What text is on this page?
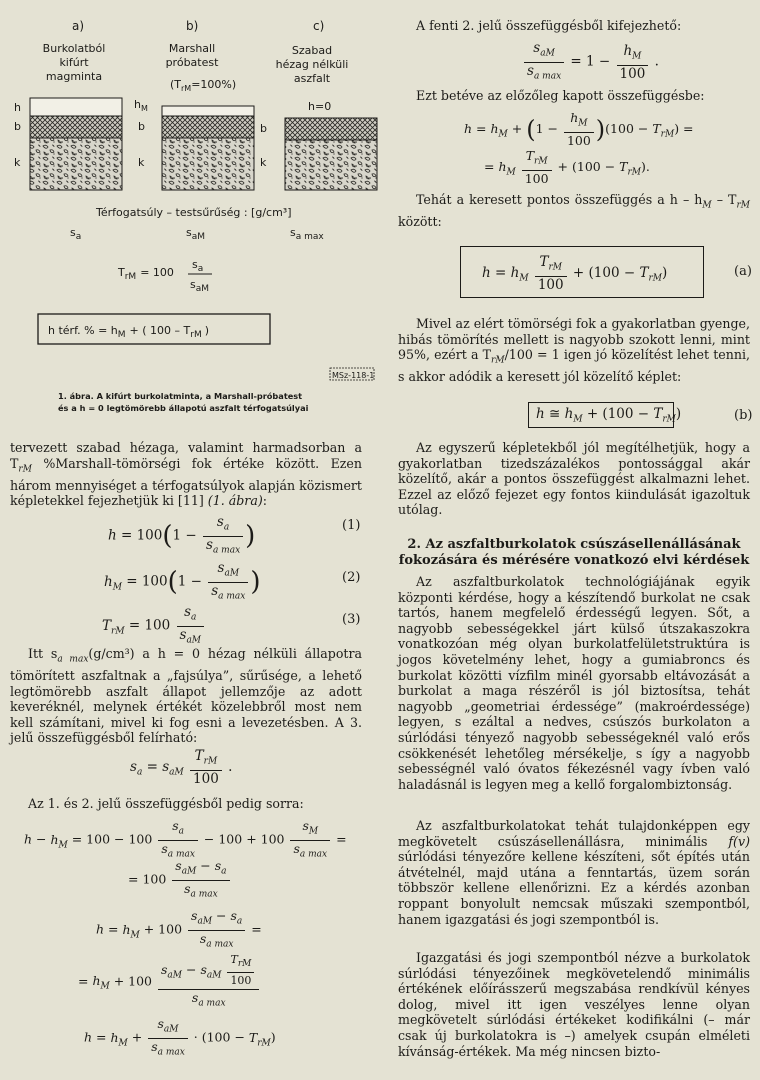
a)	b)	c)
Burkolatból
kifúrt
magminta
Marshall
próbatest
$(T_{rM}=100\%)$
Szabad
hézag nélküli
aszfalt
h
b
k
$h_M$
b
k
h=0
b
k
Térfogatsúly – testsűrűség : [g/cm³]
$s_a$	$s_{aM}$	$s_{a max}$
$T_{rM} = 100$
$s_a$
$s_{aM}$
h térf. % = $h_M$ + ( $100 - T_{rM}$ )
MSz-118-1
1. ábra. A kifúrt burkolatminta, a Marshall-próbatest
és a h = 0 legtömörebb állapotú aszfalt térfogatsúlyai

tervezett szabad hézaga, valamint harmadsorban a $T_{rM}$ %Marshall-tömörségi fok értéke között. Ezen három mennyiséget a térfogatsúlyok alapján közismert képletekkel fejezhetjük ki [11] (1. ábra):

$h = 100(1 - \frac{s_a}{s_{a max}}$ )	(1)
$h_M = 100(1 - \frac{s_{aM}}{s_{a max}}$ )	(2)
$T_{rM} = 100 \frac{s_a}{s_{aM}}$	(3)

Itt $s_{a max}(g/cm^3)$ a h = 0 hézag nélküli állapotra tömörített aszfaltnak a „fajsúlya”, sűrűsége, a lehető legtömörebb aszfalt állapot jellemzője az adott keveréknél, melynek értékét közelebbről most nem kell számítani, mivel ki fog esni a levezetésben. A 3. jelű összefüggésből felírható:

$s_a = s_{aM} \frac{T_{rM}}{100}$ .

Az 1. és 2. jelű összefüggésből pedig sorra:

$h - h_M = 100 - 100 \frac{s_a}{s_{a max}} - 100 + 100 \frac{s_M}{s_{a max}}$ =
= $100 \frac{s_{aM} - s_a}{s_{a max}}$
$h = h_M + 100 \frac{s_{aM} - s_a}{s_{a max}}$ =
= $h_M + 100 \frac{s_{aM} - s_{aM} \frac{T_{rM}}{100}}{s_{a max}}$
$h = h_M + \frac{s_{aM}}{s_{a max}} \cdot (100 - T_{rM})$

A fenti 2. jelű összefüggésből kifejezhető:

$\frac{s_{aM}}{s_{a max}} = 1 - \frac{h_M}{100}$ .

Ezt betéve az előzőleg kapott összefüggésbe:

$h = h_M + (1 - \frac{h_M}{100} )(100 - T_{rM})$ =
= $h_M \frac{T_{rM}}{100} + (100 - T_{rM})$.

Tehát a keresett pontos összefüggés a h – $h_M - T_{rM}$ között:

$h = h_M \frac{T_{rM}}{100} + (100 - T_{rM})$	(a)

Mivel az elért tömörségi fok a gyakorlatban gyenge, hibás tömörítés mellett is nagyobb szokott lenni, mint 95%, ezért a $T_{rM}/100 = 1$ igen jó közelítést lehet tenni, s akkor adódik a keresett jól közelítő képlet:

h ≅ $h_M + (100 - T_{rM})$	(b)

Az egyszerű képletekből jól megítélhetjük, hogy a gyakorlatban tizedszázalékos pontossággal akár közelítő, akár a pontos összefüggést alkalmazni lehet. Ezzel az előző fejezet egy fontos kiindulását igazoltuk utólag.

2. Az aszfaltburkolatok csúszásellenállásának
fokozására és mérésére vonatkozó elvi kérdések

Az aszfaltburkolatok technológiájának egyik központi kérdése, hogy a készítendő burkolat ne csak tartós, hanem megfelelő érdességű legyen. Sőt, a nagyobb sebességekkel járt külső útszakaszokra vonatkozóan még olyan burkolatfelületstruktúra is jogos követelmény lehet, hogy a gumiabroncs és burkolat közötti vízfilm minél gyorsabb eltávozását a burkolat a maga részéről is jól biztosítsa, tehát nagyobb „geometriai érdessége” (makroérdessége) legyen, s ezáltal a nedves, csúszós burkolaton a súrlódási tényező nagyobb sebességeknél való erős csökkenését lehetőleg mérsékelje, s így a nagyobb sebességnél való óvatos fékezésnél vagy ívben való haladásnál is legyen meg a kellő forgalombiztonság.

Az aszfaltburkolatokat tehát tulajdonképpen egy megkövetelt csúszásellenállásra, minimális f(v) súrlódási tényezőre kellene készíteni, sőt építés után átvételnél, majd utána a fenntartás, üzem során többször kellene ellenőrizni. Ez a kérdés azonban roppant bonyolult nemcsak műszaki szempontból, hanem igazgatási és jogi szempontból is.

Igazgatási és jogi szempontból nézve a burkolatok súrlódási tényezőinek megkövetelendő minimális értékének előírásszerű megszabása rendkívül kényes dolog, mivel itt igen veszélyes lenne olyan megkövetelt súrlódási értékeket kodifikálni (– már csak új burkolatokra is –) amelyek csupán elméleti kívánság-értékek. Ma még nincsen bizto-
